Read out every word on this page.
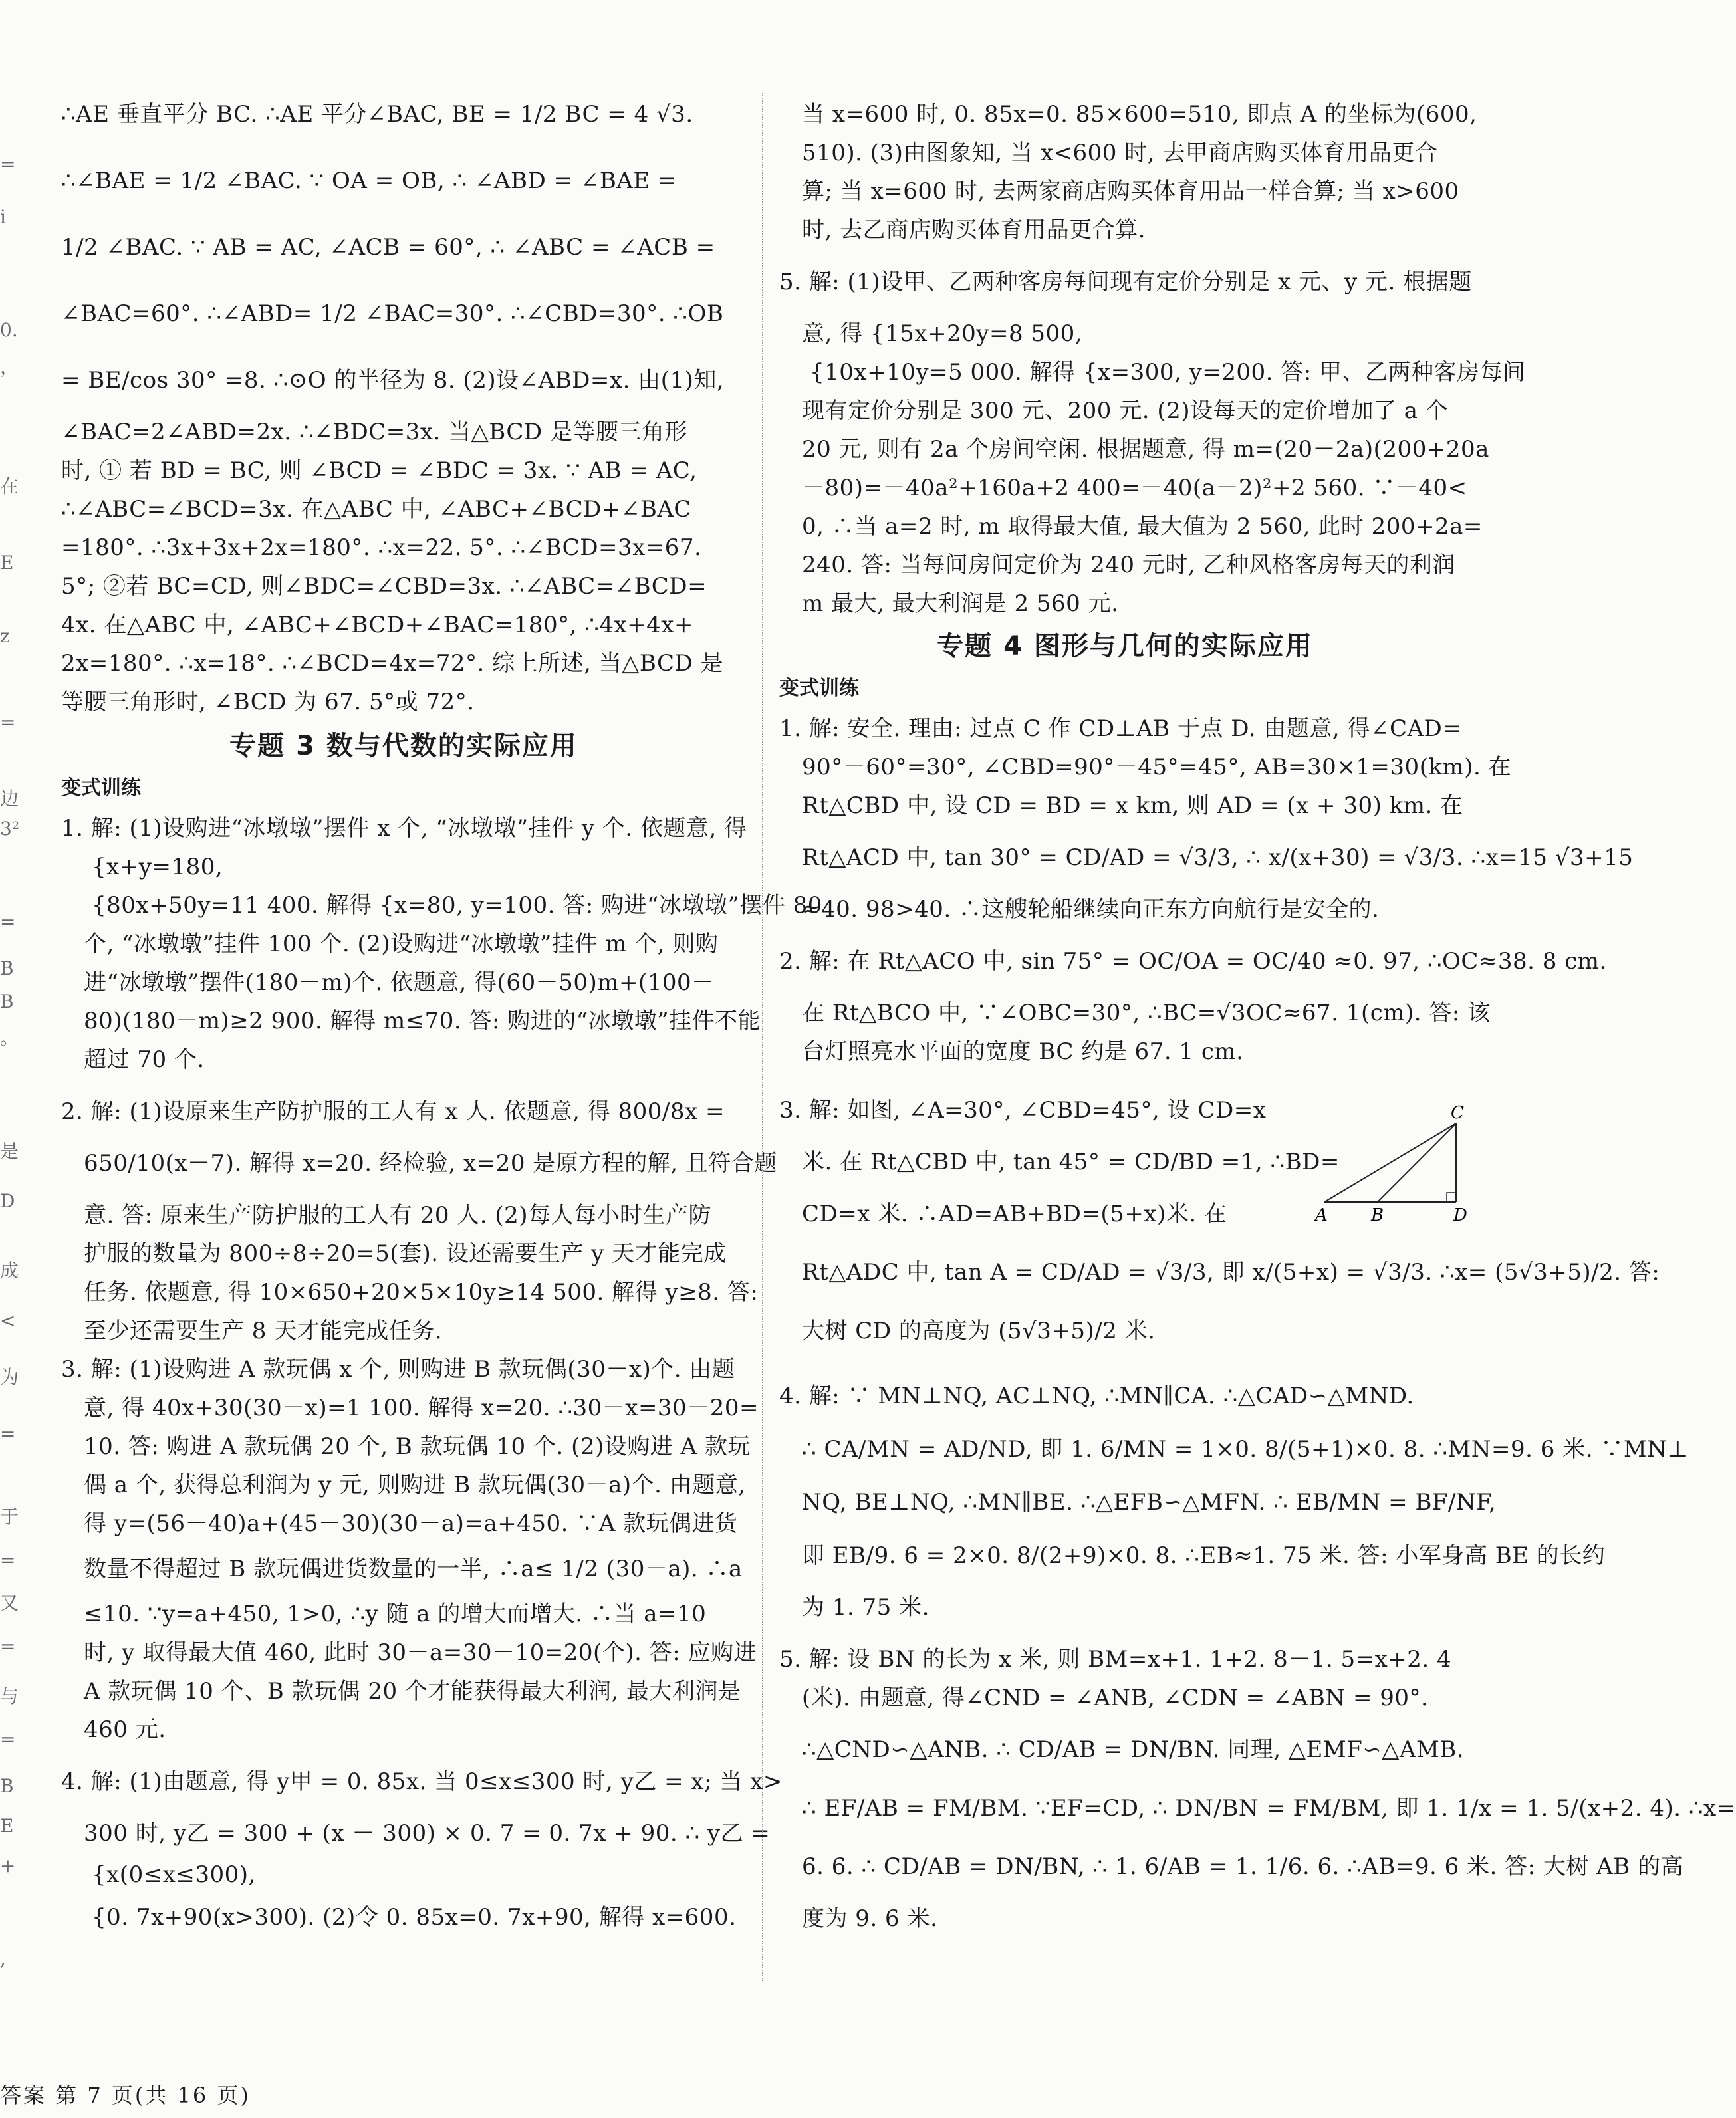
=
i
0.
，
在
E
z
=
边
3²
=
B
B
。
是
D
成
<
为
=
于
=
又
=
与
=
B
E
+
,
∴AE 垂直平分 BC. ∴AE 平分∠BAC, BE = 1/2 BC = 4 √3.
∴∠BAE = 1/2 ∠BAC. ∵ OA = OB, ∴ ∠ABD = ∠BAE =
1/2 ∠BAC. ∵ AB = AC, ∠ACB = 60°, ∴ ∠ABC = ∠ACB =
∠BAC=60°. ∴∠ABD= 1/2 ∠BAC=30°. ∴∠CBD=30°. ∴OB
= BE/cos 30° =8. ∴⊙O 的半径为 8. (2)设∠ABD=x. 由(1)知,
∠BAC=2∠ABD=2x. ∴∠BDC=3x. 当△BCD 是等腰三角形
时, ① 若 BD = BC, 则 ∠BCD = ∠BDC = 3x. ∵ AB = AC,
∴∠ABC=∠BCD=3x. 在△ABC 中, ∠ABC+∠BCD+∠BAC
=180°. ∴3x+3x+2x=180°. ∴x=22. 5°. ∴∠BCD=3x=67.
5°; ②若 BC=CD, 则∠BDC=∠CBD=3x. ∴∠ABC=∠BCD=
4x. 在△ABC 中, ∠ABC+∠BCD+∠BAC=180°, ∴4x+4x+
2x=180°. ∴x=18°. ∴∠BCD=4x=72°. 综上所述, 当△BCD 是
等腰三角形时, ∠BCD 为 67. 5°或 72°.
专题 3 数与代数的实际应用
变式训练
1. 解: (1)设购进“冰墩墩”摆件 x 个, “冰墩墩”挂件 y 个. 依题意, 得
{x+y=180,
{80x+50y=11 400. 解得 {x=80, y=100. 答: 购进“冰墩墩”摆件 80
个, “冰墩墩”挂件 100 个. (2)设购进“冰墩墩”挂件 m 个, 则购
进“冰墩墩”摆件(180－m)个. 依题意, 得(60－50)m+(100－
80)(180－m)≥2 900. 解得 m≤70. 答: 购进的“冰墩墩”挂件不能
超过 70 个.
2. 解: (1)设原来生产防护服的工人有 x 人. 依题意, 得 800/8x =
650/10(x－7). 解得 x=20. 经检验, x=20 是原方程的解, 且符合题
意. 答: 原来生产防护服的工人有 20 人. (2)每人每小时生产防
护服的数量为 800÷8÷20=5(套). 设还需要生产 y 天才能完成
任务. 依题意, 得 10×650+20×5×10y≥14 500. 解得 y≥8. 答:
至少还需要生产 8 天才能完成任务.
3. 解: (1)设购进 A 款玩偶 x 个, 则购进 B 款玩偶(30－x)个. 由题
意, 得 40x+30(30－x)=1 100. 解得 x=20. ∴30－x=30－20=
10. 答: 购进 A 款玩偶 20 个, B 款玩偶 10 个. (2)设购进 A 款玩
偶 a 个, 获得总利润为 y 元, 则购进 B 款玩偶(30－a)个. 由题意,
得 y=(56－40)a+(45－30)(30－a)=a+450. ∵A 款玩偶进货
数量不得超过 B 款玩偶进货数量的一半, ∴a≤ 1/2 (30－a). ∴a
≤10. ∵y=a+450, 1>0, ∴y 随 a 的增大而增大. ∴当 a=10
时, y 取得最大值 460, 此时 30－a=30－10=20(个). 答: 应购进
A 款玩偶 10 个、B 款玩偶 20 个才能获得最大利润, 最大利润是
460 元.
4. 解: (1)由题意, 得 y甲 = 0. 85x. 当 0≤x≤300 时, y乙 = x; 当 x>
300 时, y乙 = 300 + (x － 300) × 0. 7 = 0. 7x + 90. ∴ y乙 =
{x(0≤x≤300),
{0. 7x+90(x>300). (2)令 0. 85x=0. 7x+90, 解得 x=600.
当 x=600 时, 0. 85x=0. 85×600=510, 即点 A 的坐标为(600,
510). (3)由图象知, 当 x<600 时, 去甲商店购买体育用品更合
算; 当 x=600 时, 去两家商店购买体育用品一样合算; 当 x>600
时, 去乙商店购买体育用品更合算.
5. 解: (1)设甲、乙两种客房每间现有定价分别是 x 元、y 元. 根据题
意, 得 {15x+20y=8 500,
{10x+10y=5 000. 解得 {x=300, y=200. 答: 甲、乙两种客房每间
现有定价分别是 300 元、200 元. (2)设每天的定价增加了 a 个
20 元, 则有 2a 个房间空闲. 根据题意, 得 m=(20－2a)(200+20a
－80)=－40a²+160a+2 400=－40(a－2)²+2 560. ∵－40<
0, ∴当 a=2 时, m 取得最大值, 最大值为 2 560, 此时 200+2a=
240. 答: 当每间房间定价为 240 元时, 乙种风格客房每天的利润
m 最大, 最大利润是 2 560 元.
专题 4 图形与几何的实际应用
变式训练
1. 解: 安全. 理由: 过点 C 作 CD⊥AB 于点 D. 由题意, 得∠CAD=
90°－60°=30°, ∠CBD=90°－45°=45°, AB=30×1=30(km). 在
Rt△CBD 中, 设 CD = BD = x km, 则 AD = (x + 30) km. 在
Rt△ACD 中, tan 30° = CD/AD = √3/3, ∴ x/(x+30) = √3/3. ∴x=15 √3+15
≈40. 98>40. ∴这艘轮船继续向正东方向航行是安全的.
2. 解: 在 Rt△ACO 中, sin 75° = OC/OA = OC/40 ≈0. 97, ∴OC≈38. 8 cm.
在 Rt△BCO 中, ∵∠OBC=30°, ∴BC=√3OC≈67. 1(cm). 答: 该
台灯照亮水平面的宽度 BC 约是 67. 1 cm.
3. 解: 如图, ∠A=30°, ∠CBD=45°, 设 CD=x
米. 在 Rt△CBD 中, tan 45° = CD/BD =1, ∴BD=
CD=x 米. ∴AD=AB+BD=(5+x)米. 在
Rt△ADC 中, tan A = CD/AD = √3/3, 即 x/(5+x) = √3/3. ∴x= (5√3+5)/2. 答:
大树 CD 的高度为 (5√3+5)/2 米.
4. 解: ∵ MN⊥NQ, AC⊥NQ, ∴MN∥CA. ∴△CAD∽△MND.
∴ CA/MN = AD/ND, 即 1. 6/MN = 1×0. 8/(5+1)×0. 8. ∴MN=9. 6 米. ∵MN⊥
NQ, BE⊥NQ, ∴MN∥BE. ∴△EFB∽△MFN. ∴ EB/MN = BF/NF,
即 EB/9. 6 = 2×0. 8/(2+9)×0. 8. ∴EB≈1. 75 米. 答: 小军身高 BE 的长约
为 1. 75 米.
5. 解: 设 BN 的长为 x 米, 则 BM=x+1. 1+2. 8－1. 5=x+2. 4
(米). 由题意, 得∠CND = ∠ANB, ∠CDN = ∠ABN = 90°.
∴△CND∽△ANB. ∴ CD/AB = DN/BN. 同理, △EMF∽△AMB.
∴ EF/AB = FM/BM. ∵EF=CD, ∴ DN/BN = FM/BM, 即 1. 1/x = 1. 5/(x+2. 4). ∴x=
6. 6. ∴ CD/AB = DN/BN, ∴ 1. 6/AB = 1. 1/6. 6. ∴AB=9. 6 米. 答: 大树 AB 的高
度为 9. 6 米.
A	B
C
D
答案 第 7 页(共 16 页)
